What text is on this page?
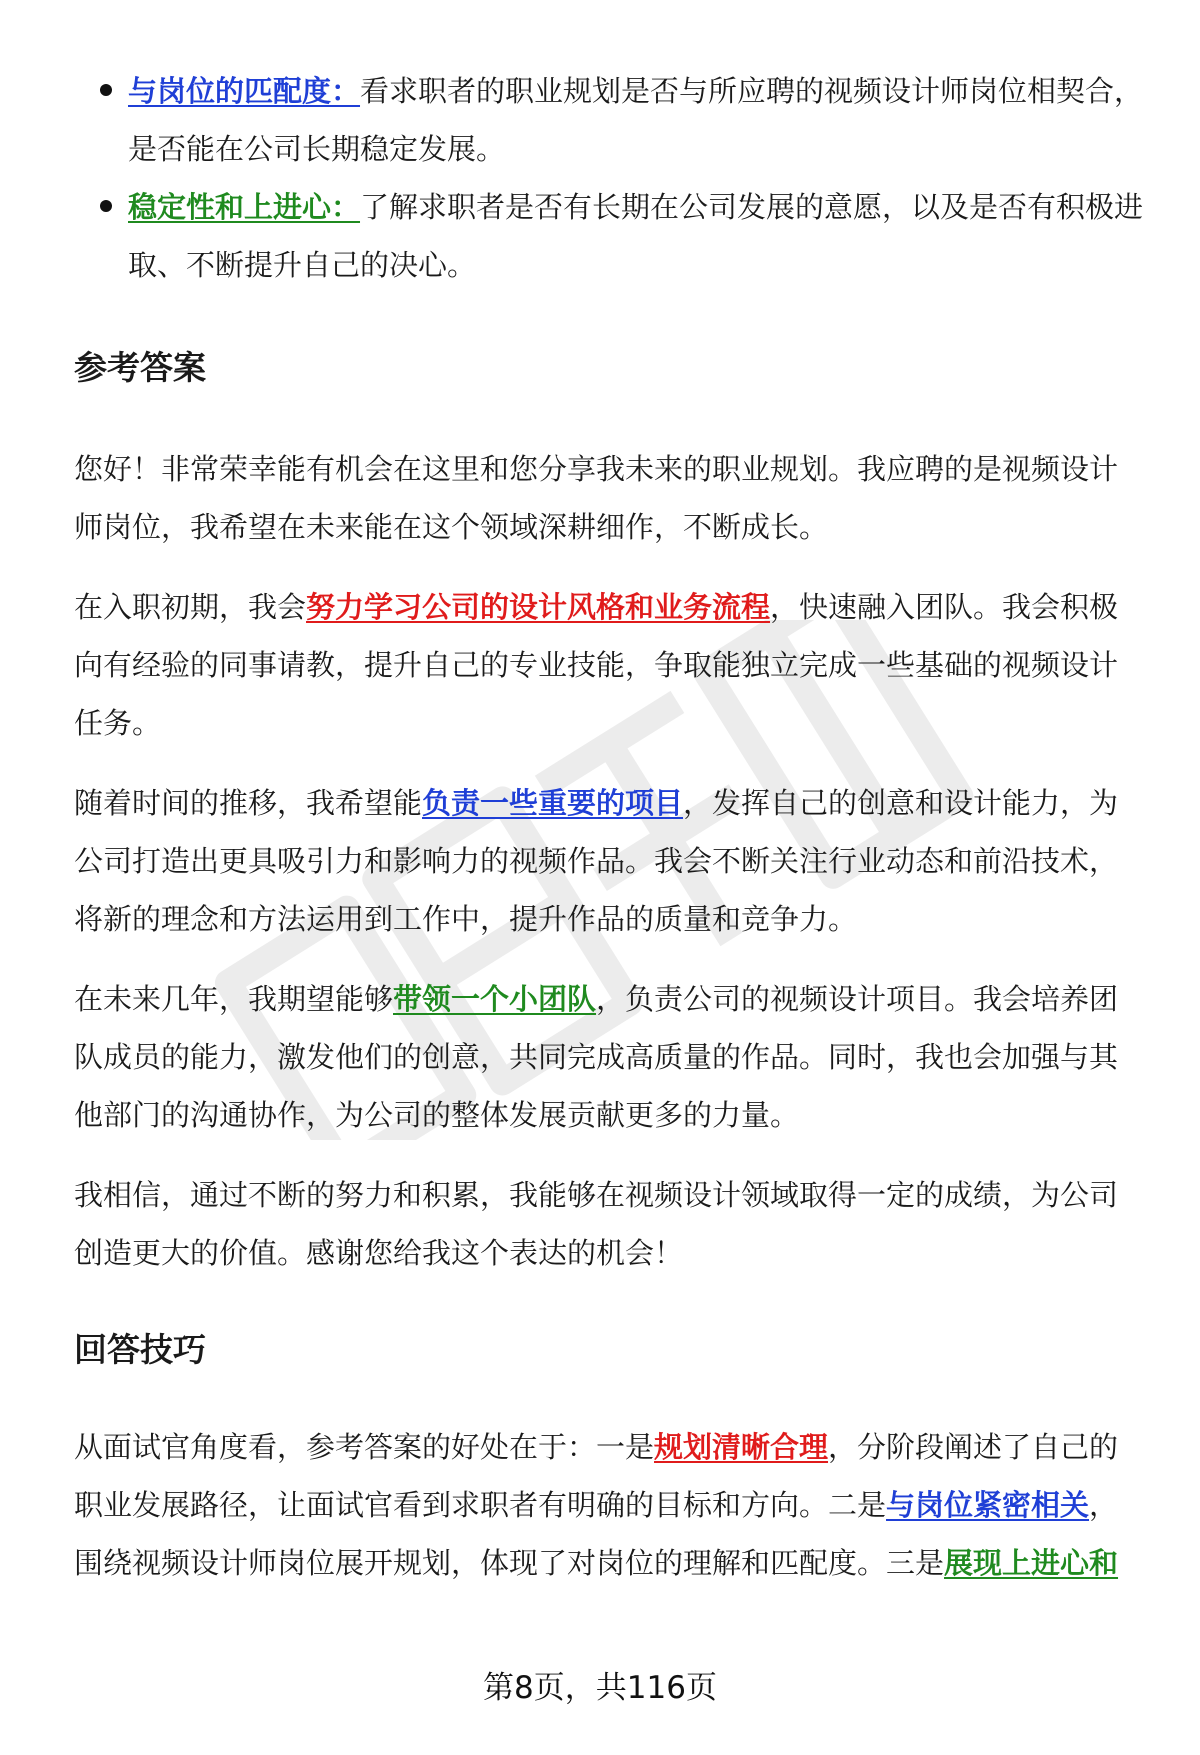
与岗位的匹配度：看求职者的职业规划是否与所应聘的视频设计师岗位相契合，是否能在公司长期稳定发展。
稳定性和上进心：了解求职者是否有长期在公司发展的意愿，以及是否有积极进取、不断提升自己的决心。
参考答案

您好！非常荣幸能有机会在这里和您分享我未来的职业规划。我应聘的是视频设计师岗位，我希望在未来能在这个领域深耕细作，不断成长。

在入职初期，我会努力学习公司的设计风格和业务流程，快速融入团队。我会积极向有经验的同事请教，提升自己的专业技能，争取能独立完成一些基础的视频设计任务。

随着时间的推移，我希望能负责一些重要的项目，发挥自己的创意和设计能力，为公司打造出更具吸引力和影响力的视频作品。我会不断关注行业动态和前沿技术，将新的理念和方法运用到工作中，提升作品的质量和竞争力。

在未来几年，我期望能够带领一个小团队，负责公司的视频设计项目。我会培养团队成员的能力，激发他们的创意，共同完成高质量的作品。同时，我也会加强与其他部门的沟通协作，为公司的整体发展贡献更多的力量。

我相信，通过不断的努力和积累，我能够在视频设计领域取得一定的成绩，为公司创造更大的价值。感谢您给我这个表达的机会！

回答技巧

从面试官角度看，参考答案的好处在于：一是规划清晰合理，分阶段阐述了自己的职业发展路径，让面试官看到求职者有明确的目标和方向。二是与岗位紧密相关，围绕视频设计师岗位展开规划，体现了对岗位的理解和匹配度。三是展现上进心和

第8页，共116页
